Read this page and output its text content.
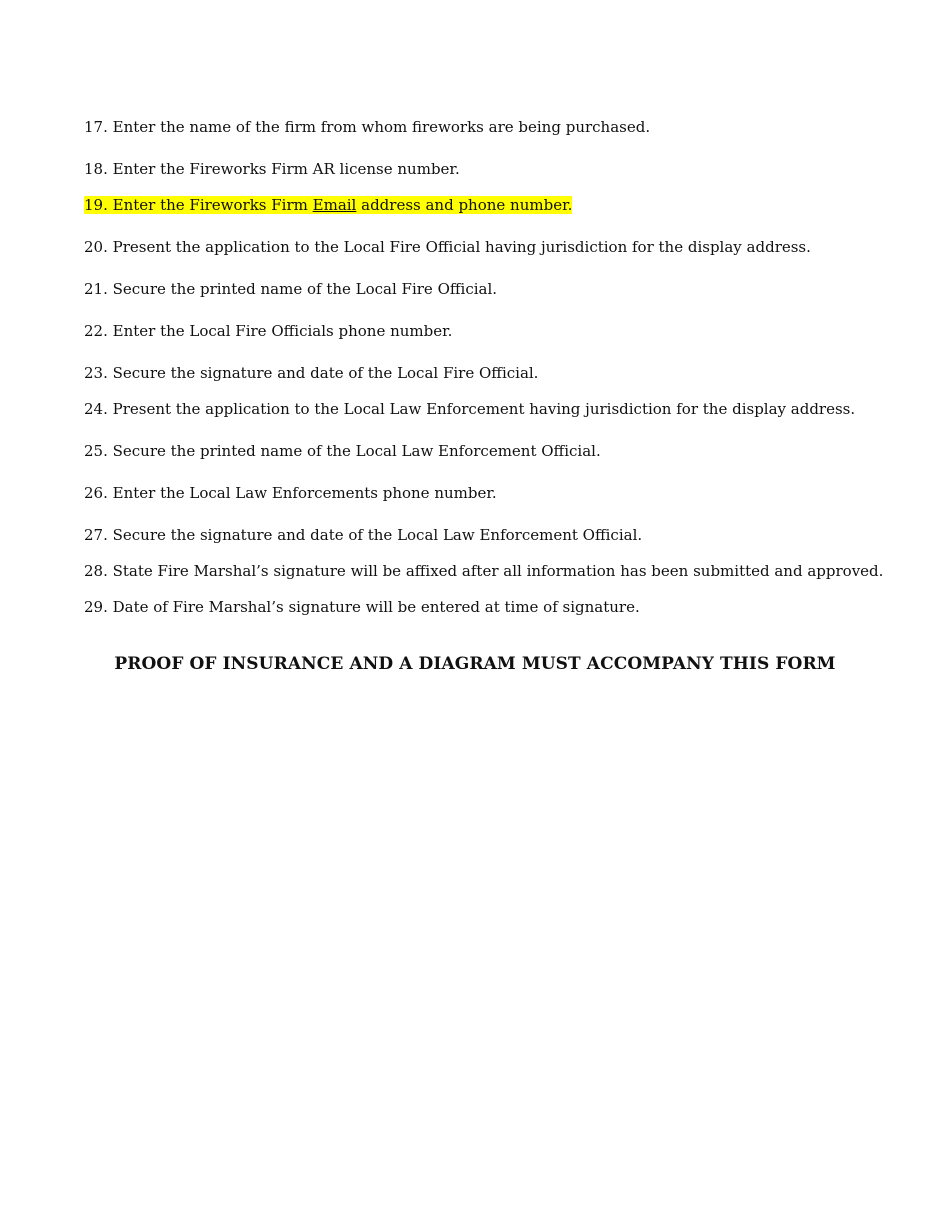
17. Enter the name of the firm from whom fireworks are being purchased.

18. Enter the Fireworks Firm AR license number.

19. Enter the Fireworks Firm Email address and phone number.

20. Present the application to the Local Fire Official having jurisdiction for the display address.

21. Secure the printed name of the Local Fire Official.

22. Enter the Local Fire Officials phone number.

23. Secure the signature and date of the Local Fire Official.

24. Present the application to the Local Law Enforcement having jurisdiction for the display address.

25. Secure the printed name of the Local Law Enforcement Official.

26. Enter the Local Law Enforcements phone number.

27. Secure the signature and date of the Local Law Enforcement Official.

28. State Fire Marshal’s signature will be affixed after all information has been submitted and approved.

29. Date of Fire Marshal’s signature will be entered at time of signature.

PROOF OF INSURANCE AND A DIAGRAM MUST ACCOMPANY THIS FORM
